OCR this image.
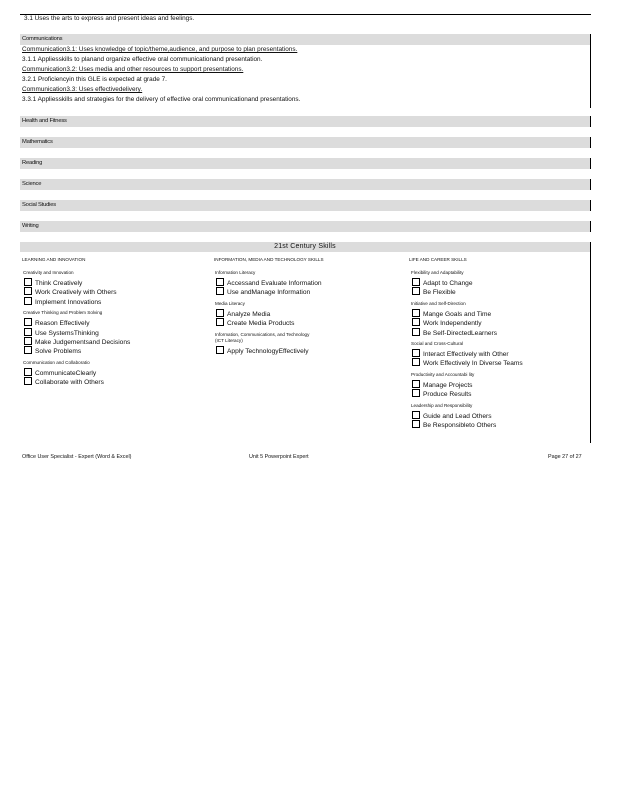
3.1 Uses the arts to express and present ideas and feelings.
Communications
Communication3.1: Uses knowledge of topic/theme,audience, and purpose to plan presentations.
3.1.1 Appliesskills to planand organize effective oral communicationand presentation.
Communication3.2: Uses media and other resources to support presentations.
3.2.1 Proficiencyin this GLE is expected at grade 7.
Communication3.3: Uses effectivedelivery.
3.3.1 Appliesskills and strategies for the delivery of effective oral communicationand presentations.
Health and Fitness
Mathematics
Reading
Science
Social Studies
Writing
21st Century Skills
LEARNING AND INNOVATION	INFORMATION, MEDIA AND TECHNOLOGY SKILLS	LIFE AND CAREER SKILLS
Creativity and Innovation
Think Creatively
Work Creatively with Others
Implement Innovations
Creative Thinking and Problem Solving
Reason Effectively
Use SystemsThinking
Make Judgementsand Decisions
Solve Problems
Communication and Collaboratio
CommunicateClearly
Collaborate with Others
Information Literacy
Accessand Evaluate Information
Use andManage Information
Media Literacy
Analyze Media
Create Media Products
Information, Communications, and Technology
(ICT Literacy)
Apply TechnologyEffectively
Flexibility and Adaptability
Adapt to Change
Be Flexible
Initiative and Self-Direction
Mange Goals and Time
Work Independently
Be Self-DirectedLearners
Social and Cross-Cultural
Interact Effectively with Other
Work Effectively In Diverse Teams
Productivity and Accountabi lity
Manage Projects
Produce Results
Leadership and Responsibility
Guide and Lead Others
Be Responsibleto Others
Office User Specialist - Expert (Word & Excel)	Unit 5 Powerpoint Expert	Page 27 of 27
